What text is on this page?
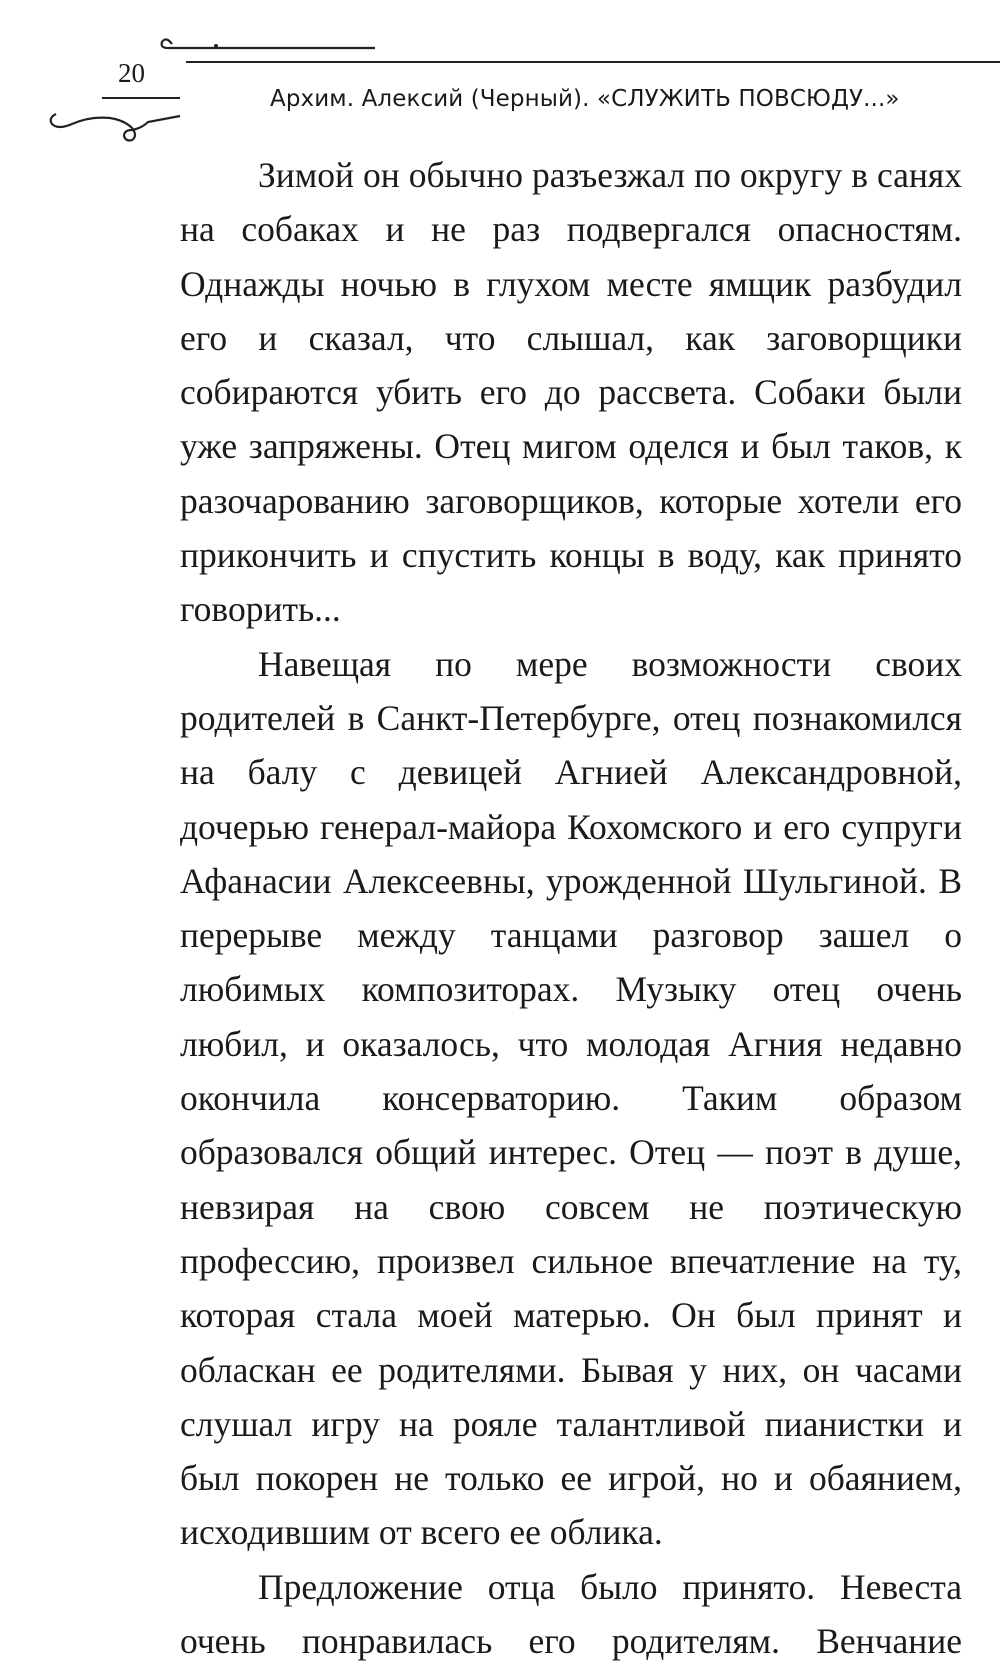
20
Архим. Алексий (Черный). «СЛУЖИТЬ ПОВСЮДУ...»

Зимой он обычно разъезжал по округу в санях на собаках и не раз подвергался опасностям. Однажды ночью в глухом месте ямщик разбудил его и сказал, что слышал, как заговорщики собираются убить его до рассвета. Собаки были уже запряжены. Отец мигом оделся и был таков, к разочарованию заговорщиков, которые хотели его прикончить и спустить концы в воду, как принято говорить...

Навещая по мере возможности своих родителей в Санкт-Петербурге, отец познакомился на балу с девицей Агнией Александровной, дочерью генерал-майора Кохомского и его супруги Афанасии Алексеевны, урожденной Шульгиной. В перерыве между танцами разговор зашел о любимых композиторах. Музыку отец очень любил, и оказалось, что молодая Агния недавно окончила консерваторию. Таким образом образовался общий интерес. Отец — поэт в душе, невзирая на свою совсем не поэтическую профессию, произвел сильное впечатление на ту, которая стала моей матерью. Он был принят и обласкан ее родителями. Бывая у них, он часами слушал игру на рояле талантливой пианистки и был покорен не только ее игрой, но и обаянием, исходившим от всего ее облика.

Предложение отца было принято. Невеста очень понравилась его родителям. Венчание
